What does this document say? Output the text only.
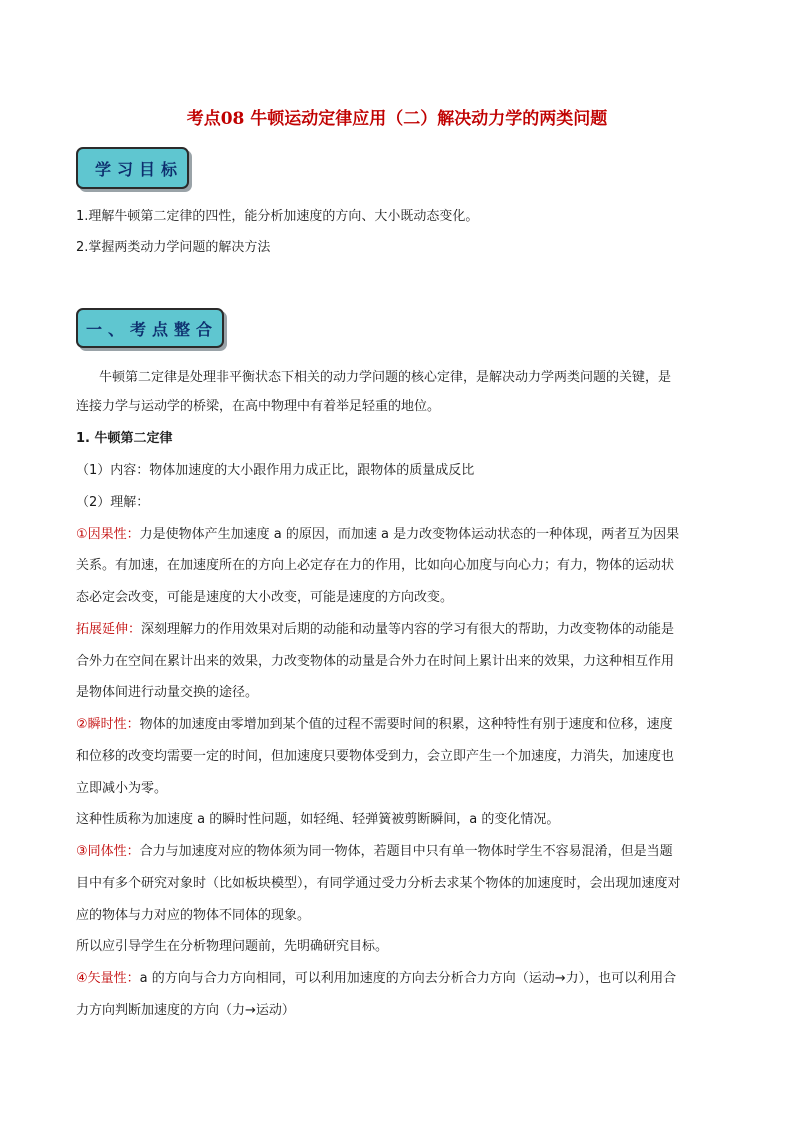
考点08 牛顿运动定律应用（二）解决动力学的两类问题
学习目标
1.理解牛顿第二定律的四性，能分析加速度的方向、大小既动态变化。
2.掌握两类动力学问题的解决方法
一、考点整合
牛顿第二定律是处理非平衡状态下相关的动力学问题的核心定律，是解决动力学两类问题的关键，是
连接力学与运动学的桥梁，在高中物理中有着举足轻重的地位。
1. 牛顿第二定律
（1）内容：物体加速度的大小跟作用力成正比，跟物体的质量成反比
（2）理解：
①因果性：力是使物体产生加速度 a 的原因，而加速 a 是力改变物体运动状态的一种体现，两者互为因果
关系。有加速，在加速度所在的方向上必定存在力的作用，比如向心加度与向心力；有力，物体的运动状
态必定会改变，可能是速度的大小改变，可能是速度的方向改变。
拓展延伸：深刻理解力的作用效果对后期的动能和动量等内容的学习有很大的帮助，力改变物体的动能是
合外力在空间在累计出来的效果，力改变物体的动量是合外力在时间上累计出来的效果，力这种相互作用
是物体间进行动量交换的途径。
②瞬时性：物体的加速度由零增加到某个值的过程不需要时间的积累，这种特性有别于速度和位移，速度
和位移的改变均需要一定的时间，但加速度只要物体受到力，会立即产生一个加速度，力消失，加速度也
立即减小为零。
这种性质称为加速度 a 的瞬时性问题，如轻绳、轻弹簧被剪断瞬间，a 的变化情况。
③同体性：合力与加速度对应的物体须为同一物体，若题目中只有单一物体时学生不容易混淆，但是当题
目中有多个研究对象时（比如板块模型），有同学通过受力分析去求某个物体的加速度时，会出现加速度对
应的物体与力对应的物体不同体的现象。
所以应引导学生在分析物理问题前，先明确研究目标。
④矢量性：a 的方向与合力方向相同，可以利用加速度的方向去分析合力方向（运动→力），也可以利用合
力方向判断加速度的方向（力→运动）
